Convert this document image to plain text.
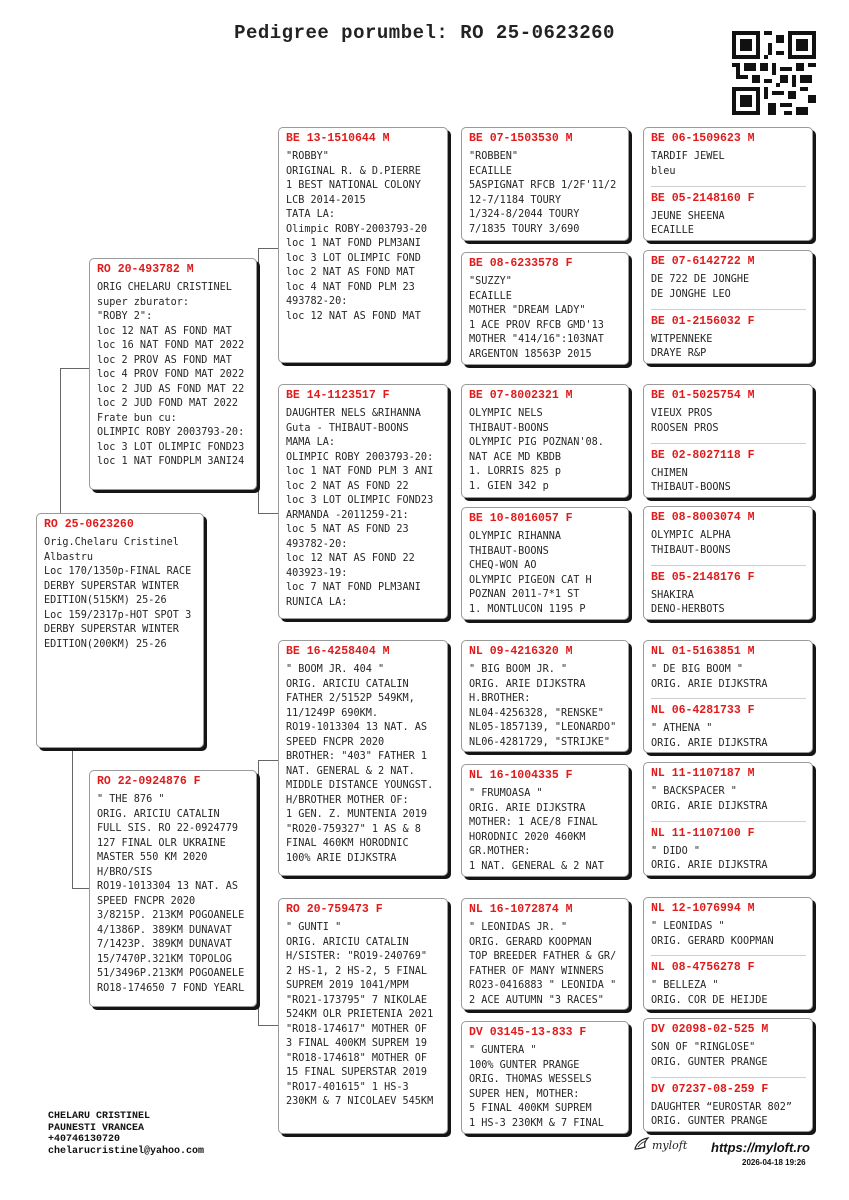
Pedigree porumbel: RO 25-0623260
RO 25-0623260
Orig.Chelaru Cristinel
Albastru
Loc 170/1350p-FINAL RACE
DERBY SUPERSTAR WINTER
EDITION(515KM) 25-26
Loc 159/2317p-HOT SPOT 3
DERBY SUPERSTAR WINTER
EDITION(200KM) 25-26
RO 20-493782 M
ORIG CHELARU CRISTINEL
super zburator:
"ROBY 2":
loc 12 NAT AS FOND MAT
loc 16 NAT FOND MAT 2022
loc 2 PROV AS FOND MAT
loc 4 PROV FOND MAT 2022
loc 2 JUD AS FOND MAT 22
loc 2 JUD FOND MAT 2022
Frate bun cu:
OLIMPIC ROBY 2003793-20:
loc 3 LOT OLIMPIC FOND23
loc 1 NAT FONDPLM 3ANI24
RO 22-0924876 F
" THE 876 "
ORIG. ARICIU CATALIN
FULL SIS. RO 22-0924779
127 FINAL OLR UKRAINE
MASTER 550 KM 2020
H/BRO/SIS
RO19-1013304 13 NAT. AS
SPEED FNCPR 2020
3/8215P. 213KM POGOANELE
4/1386P. 389KM DUNAVAT
7/1423P. 389KM DUNAVAT
15/7470P.321KM TOPOLOG
51/3496P.213KM POGOANELE
RO18-174650 7 FOND YEARL
BE 13-1510644 M
"ROBBY"
ORIGINAL R. & D.PIERRE
1 BEST NATIONAL COLONY
LCB 2014-2015
TATA LA:
Olimpic ROBY-2003793-20
loc 1 NAT FOND PLM3ANI
loc 3 LOT OLIMPIC FOND
loc 2 NAT AS FOND MAT
loc 4 NAT FOND PLM 23
493782-20:
loc 12 NAT AS FOND MAT
BE 14-1123517 F
DAUGHTER NELS &RIHANNA
Guta - THIBAUT-BOONS
MAMA LA:
OLIMPIC ROBY 2003793-20:
loc 1 NAT FOND PLM 3 ANI
loc 2 NAT AS FOND 22
loc 3 LOT OLIMPIC FOND23
ARMANDA -2011259-21:
loc 5 NAT AS FOND 23
493782-20:
loc 12 NAT AS FOND 22
403923-19:
loc 7 NAT FOND PLM3ANI
RUNICA LA:
BE 16-4258404 M
" BOOM JR. 404 "
ORIG. ARICIU CATALIN
FATHER 2/5152P 549KM,
11/1249P 690KM.
RO19-1013304 13 NAT. AS
SPEED FNCPR 2020
BROTHER: "403" FATHER 1
NAT. GENERAL & 2 NAT.
MIDDLE DISTANCE YOUNGST.
H/BROTHER MOTHER OF:
1 GEN. Z. MUNTENIA 2019
"RO20-759327" 1 AS & 8
FINAL 460KM HORODNIC
100% ARIE DIJKSTRA
RO 20-759473 F
" GUNTI "
ORIG. ARICIU CATALIN
H/SISTER: "RO19-240769"
2 HS-1, 2 HS-2, 5 FINAL
SUPREM 2019 1041/MPM
"RO21-173795" 7 NIKOLAE
524KM OLR PRIETENIA 2021
"RO18-174617" MOTHER OF
3 FINAL 400KM SUPREM 19
"RO18-174618" MOTHER OF
15 FINAL SUPERSTAR 2019
"RO17-401615" 1 HS-3
230KM & 7 NICOLAEV 545KM
BE 07-1503530 M
"ROBBEN"
ECAILLE
5ASPIGNAT RFCB 1/2F'11/2
12-7/1184 TOURY
1/324-8/2044 TOURY
7/1835 TOURY 3/690
BE 08-6233578 F
"SUZZY"
ECAILLE
MOTHER "DREAM LADY"
1 ACE PROV RFCB GMD'13
MOTHER "414/16":103NAT
ARGENTON 18563P 2015
BE 07-8002321 M
OLYMPIC NELS
THIBAUT-BOONS
OLYMPIC PIG POZNAN'08.
NAT ACE MD KBDB
1. LORRIS 825 p
1. GIEN 342 p
BE 10-8016057 F
OLYMPIC RIHANNA
THIBAUT-BOONS
CHEQ-WON AO
OLYMPIC PIGEON CAT H
POZNAN 2011-7*1 ST
1. MONTLUCON 1195 P
NL 09-4216320 M
" BIG BOOM JR. "
ORIG. ARIE DIJKSTRA
H.BROTHER:
NL04-4256328, "RENSKE"
NL05-1857139, "LEONARDO"
NL06-4281729, "STRIJKE"
NL 16-1004335 F
" FRUMOASA "
ORIG. ARIE DIJKSTRA
MOTHER: 1 ACE/8 FINAL
HORODNIC 2020 460KM
GR.MOTHER:
1 NAT. GENERAL & 2 NAT
NL 16-1072874 M
" LEONIDAS JR. "
ORIG. GERARD KOOPMAN
TOP BREEDER FATHER & GR/
FATHER OF MANY WINNERS
RO23-0416883 " LEONIDA "
2 ACE AUTUMN "3 RACES"
DV 03145-13-833 F
" GUNTERA "
100% GUNTER PRANGE
ORIG. THOMAS WESSELS
SUPER HEN, MOTHER:
5 FINAL 400KM SUPREM
1 HS-3 230KM & 7 FINAL
BE 06-1509623 M
TARDIF JEWEL
bleu
BE 05-2148160 F
JEUNE SHEENA
ECAILLE
BE 07-6142722 M
DE 722 DE JONGHE
DE JONGHE LEO
BE 01-2156032 F
WITPENNEKE
DRAYE R&P
BE 01-5025754 M
VIEUX PROS
ROOSEN PROS
BE 02-8027118 F
CHIMEN
THIBAUT-BOONS
BE 08-8003074 M
OLYMPIC ALPHA
THIBAUT-BOONS
BE 05-2148176 F
SHAKIRA
DENO-HERBOTS
NL 01-5163851 M
" DE BIG BOOM "
ORIG. ARIE DIJKSTRA
NL 06-4281733 F
" ATHENA "
ORIG. ARIE DIJKSTRA
NL 11-1107187 M
" BACKSPACER "
ORIG. ARIE DIJKSTRA
NL 11-1107100 F
" DIDO "
ORIG. ARIE DIJKSTRA
NL 12-1076994 M
" LEONIDAS "
ORIG. GERARD KOOPMAN
NL 08-4756278 F
" BELLEZA "
ORIG. COR DE HEIJDE
DV 02098-02-525 M
SON OF "RINGLOSE"
ORIG. GUNTER PRANGE
DV 07237-08-259 F
DAUGHTER “EUROSTAR 802”
ORIG. GUNTER PRANGE
CHELARU CRISTINEL
PAUNESTI VRANCEA
+40746130720
chelarucristinel@yahoo.com	myloft https://myloft.ro
2026-04-18 19:26
